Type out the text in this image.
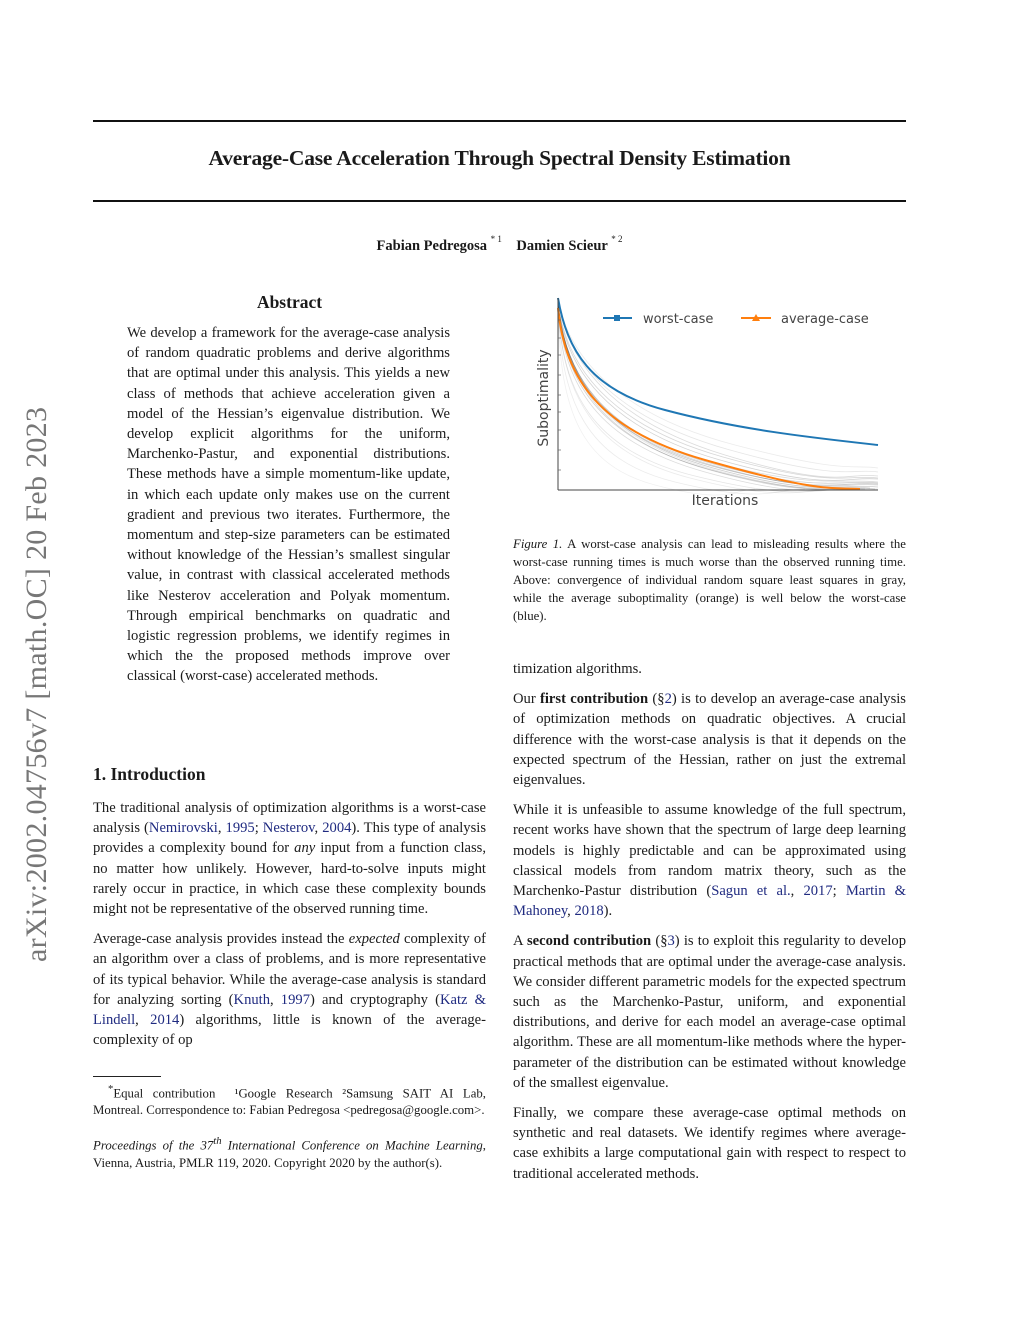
Average-Case Acceleration Through Spectral Density Estimation
Fabian Pedregosa $^{* 1}$ Damien Scieur $^{* 2}$
arXiv:2002.04756v7 [math.OC] 20 Feb 2023
Abstract
We develop a framework for the average-case analysis of random quadratic problems and derive algorithms that are optimal under this analysis. This yields a new class of methods that achieve acceleration given a model of the Hessian’s eigenvalue distribution. We develop explicit algorithms for the uniform, Marchenko-Pastur, and exponential distributions. These methods have a simple momentum-like update, in which each update only makes use on the current gradient and previous two iterates. Furthermore, the momentum and step-size parameters can be estimated without knowledge of the Hessian’s smallest singular value, in contrast with classical accelerated methods like Nesterov acceleration and Polyak momentum. Through empirical benchmarks on quadratic and logistic regression problems, we identify regimes in which the the proposed methods improve over classical (worst-case) accelerated methods.
1. Introduction

The traditional analysis of optimization algorithms is a worst-case analysis (Nemirovski, 1995; Nesterov, 2004). This type of analysis provides a complexity bound for any input from a function class, no matter how unlikely. However, hard-to-solve inputs might rarely occur in practice, in which case these complexity bounds might not be representative of the observed running time.

Average-case analysis provides instead the expected complexity of an algorithm over a class of problems, and is more representative of its typical behavior. While the average-case analysis is standard for analyzing sorting (Knuth, 1997) and cryptography (Katz & Lindell, 2014) algorithms, little is known of the average-complexity of op

*Equal contribution  ¹Google Research ²Samsung SAIT AI Lab, Montreal. Correspondence to: Fabian Pedregosa <pedregosa@google.com>.

Proceedings of the 37th International Conference on Machine Learning, Vienna, Austria, PMLR 119, 2020. Copyright 2020 by the author(s).

worst-case	average-case
Iterations
Suboptimality
Figure 1. A worst-case analysis can lead to misleading results where the worst-case running times is much worse than the observed running time. Above: convergence of individual random square least squares in gray, while the average suboptimality (orange) is well below the worst-case (blue).

timization algorithms.

Our first contribution (§2) is to develop an average-case analysis of optimization methods on quadratic objectives. A crucial difference with the worst-case analysis is that it depends on the expected spectrum of the Hessian, rather on just the extremal eigenvalues.

While it is unfeasible to assume knowledge of the full spectrum, recent works have shown that the spectrum of large deep learning models is highly predictable and can be approximated using classical models from random matrix theory, such as the Marchenko-Pastur distribution (Sagun et al., 2017; Martin & Mahoney, 2018).

A second contribution (§3) is to exploit this regularity to develop practical methods that are optimal under the average-case analysis. We consider different parametric models for the expected spectrum such as the Marchenko-Pastur, uniform, and exponential distributions, and derive for each model an average-case optimal algorithm. These are all momentum-like methods where the hyper-parameter of the distribution can be estimated without knowledge of the smallest eigenvalue.

Finally, we compare these average-case optimal methods on synthetic and real datasets. We identify regimes where average-case exhibits a large computational gain with respect to respect to traditional accelerated methods.
